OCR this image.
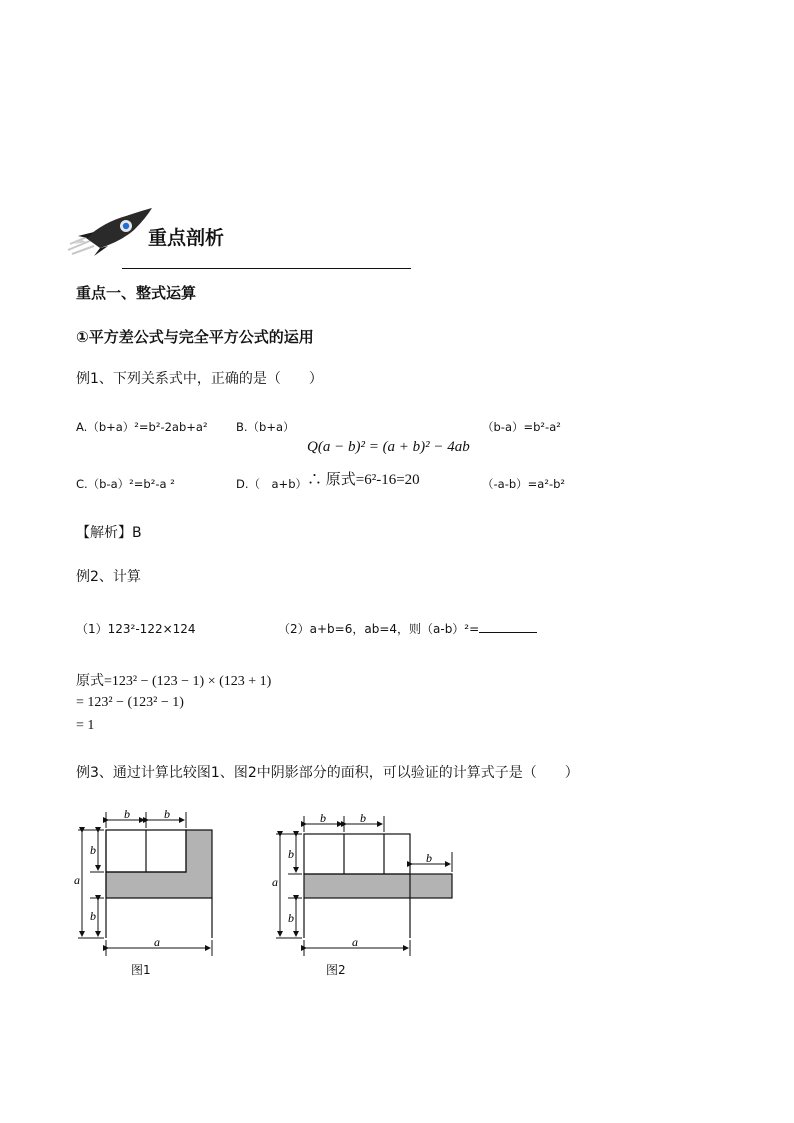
重点剖析
重点一、整式运算
①平方差公式与完全平方公式的运用
例1、下列关系式中，正确的是（　　）
A.（b+a）²=b²-2ab+a² B.（b+a）	（b-a）=b²-a²
Q(a − b)² = (a + b)² − 4ab
C.（b-a）²=b²-a ²	D.（　a+b） ∴ 原式=6²-16=20	（-a-b）=a²-b²
【解析】B
例2、计算
（1）123²-122×124	（2）a+b=6，ab=4，则（a-b）²=
原式=123² − (123 − 1) × (123 + 1)
= 123² − (123² − 1)
= 1
例3、通过计算比较图1、图2中阴影部分的面积，可以验证的计算式子是（　　）
b	b
a
b
b
a
图1
b	b
b
a
b
b
a
图2
